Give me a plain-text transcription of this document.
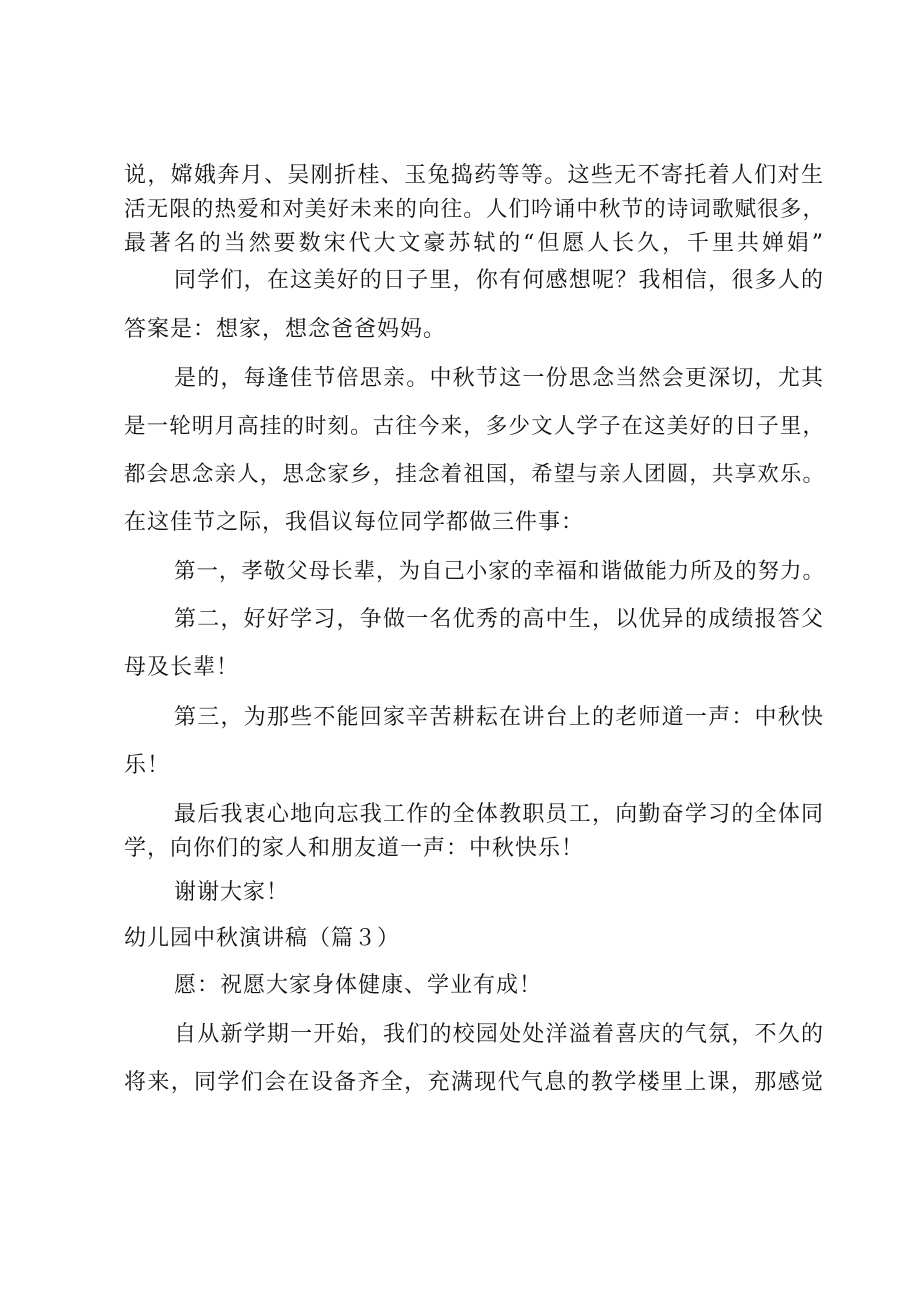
说，嫦娥奔月、吴刚折桂、玉兔捣药等等。这些无不寄托着人们对生

活无限的热爱和对美好未来的向往。人们吟诵中秋节的诗词歌赋很多，

最著名的当然要数宋代大文豪苏轼的“但愿人长久，千里共婵娟”

同学们，在这美好的日子里，你有何感想呢？我相信，很多人的

答案是：想家，想念爸爸妈妈。

是的，每逢佳节倍思亲。中秋节这一份思念当然会更深切，尤其

是一轮明月高挂的时刻。古往今来，多少文人学子在这美好的日子里，

都会思念亲人，思念家乡，挂念着祖国，希望与亲人团圆，共享欢乐。

在这佳节之际，我倡议每位同学都做三件事：

第一，孝敬父母长辈，为自己小家的幸福和谐做能力所及的努力。

第二，好好学习，争做一名优秀的高中生，以优异的成绩报答父

母及长辈！

第三，为那些不能回家辛苦耕耘在讲台上的老师道一声：中秋快

乐！

最后我衷心地向忘我工作的全体教职员工，向勤奋学习的全体同

学，向你们的家人和朋友道一声：中秋快乐！

谢谢大家！

幼儿园中秋演讲稿（篇３）

愿：祝愿大家身体健康、学业有成！

自从新学期一开始，我们的校园处处洋溢着喜庆的气氛，不久的

将来，同学们会在设备齐全，充满现代气息的教学楼里上课，那感觉
